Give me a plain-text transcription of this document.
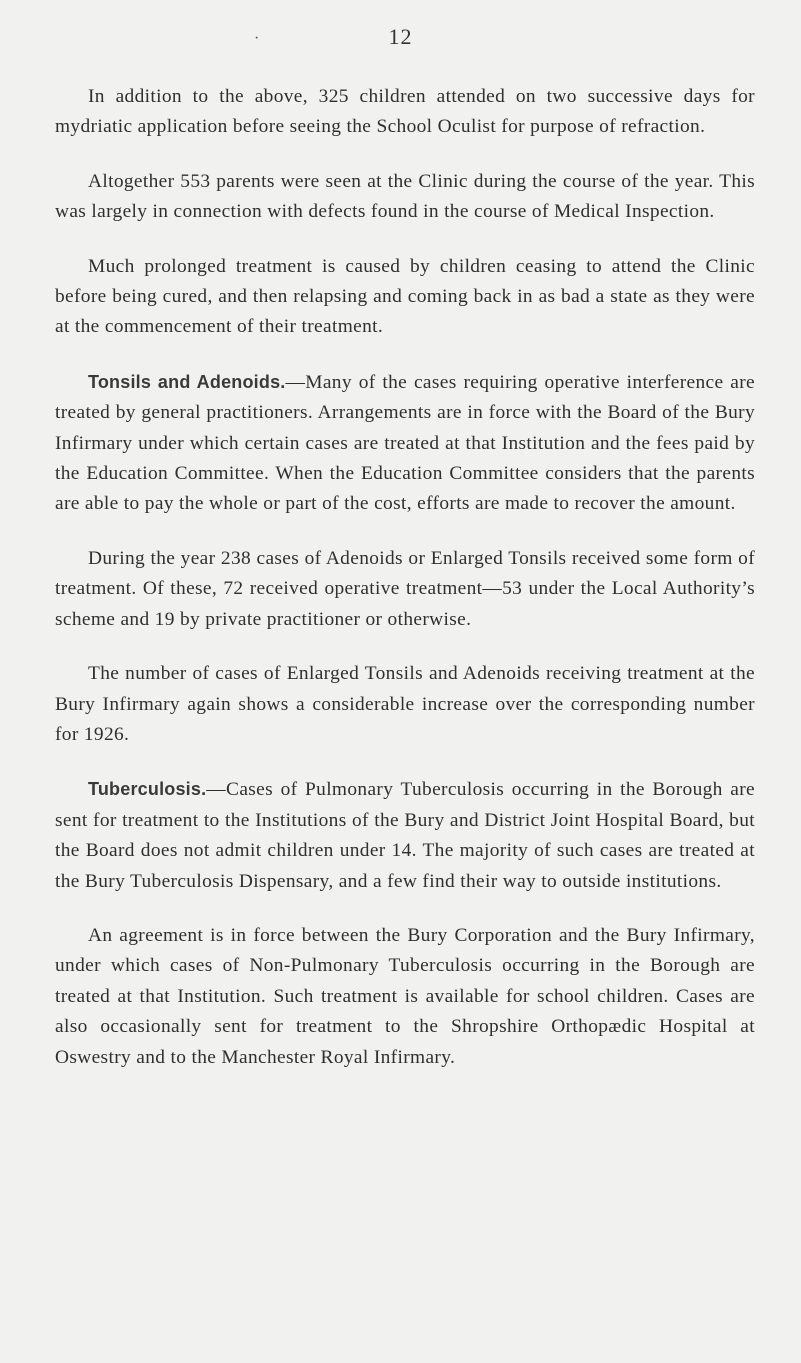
·	12

In addition to the above, 325 children attended on two successive days for mydriatic application before seeing the School Oculist for purpose of refraction.

Altogether 553 parents were seen at the Clinic during the course of the year. This was largely in connection with defects found in the course of Medical Inspection.

Much prolonged treatment is caused by children ceasing to attend the Clinic before being cured, and then relapsing and coming back in as bad a state as they were at the commencement of their treatment.

Tonsils and Adenoids.—Many of the cases requiring operative interference are treated by general practitioners. Arrangements are in force with the Board of the Bury Infirmary under which certain cases are treated at that Institution and the fees paid by the Education Committee. When the Education Committee considers that the parents are able to pay the whole or part of the cost, efforts are made to recover the amount.

During the year 238 cases of Adenoids or Enlarged Tonsils received some form of treatment. Of these, 72 received operative treatment—53 under the Local Authority’s scheme and 19 by private practitioner or otherwise.

The number of cases of Enlarged Tonsils and Adenoids receiving treatment at the Bury Infirmary again shows a considerable increase over the corresponding number for 1926.

Tuberculosis.—Cases of Pulmonary Tuberculosis occurring in the Borough are sent for treatment to the Institutions of the Bury and District Joint Hospital Board, but the Board does not admit children under 14. The majority of such cases are treated at the Bury Tuberculosis Dispensary, and a few find their way to outside institutions.

An agreement is in force between the Bury Corporation and the Bury Infirmary, under which cases of Non-Pulmonary Tuberculosis occurring in the Borough are treated at that Institution. Such treatment is available for school children. Cases are also occasionally sent for treatment to the Shropshire Orthopædic Hospital at Oswestry and to the Manchester Royal Infirmary.
